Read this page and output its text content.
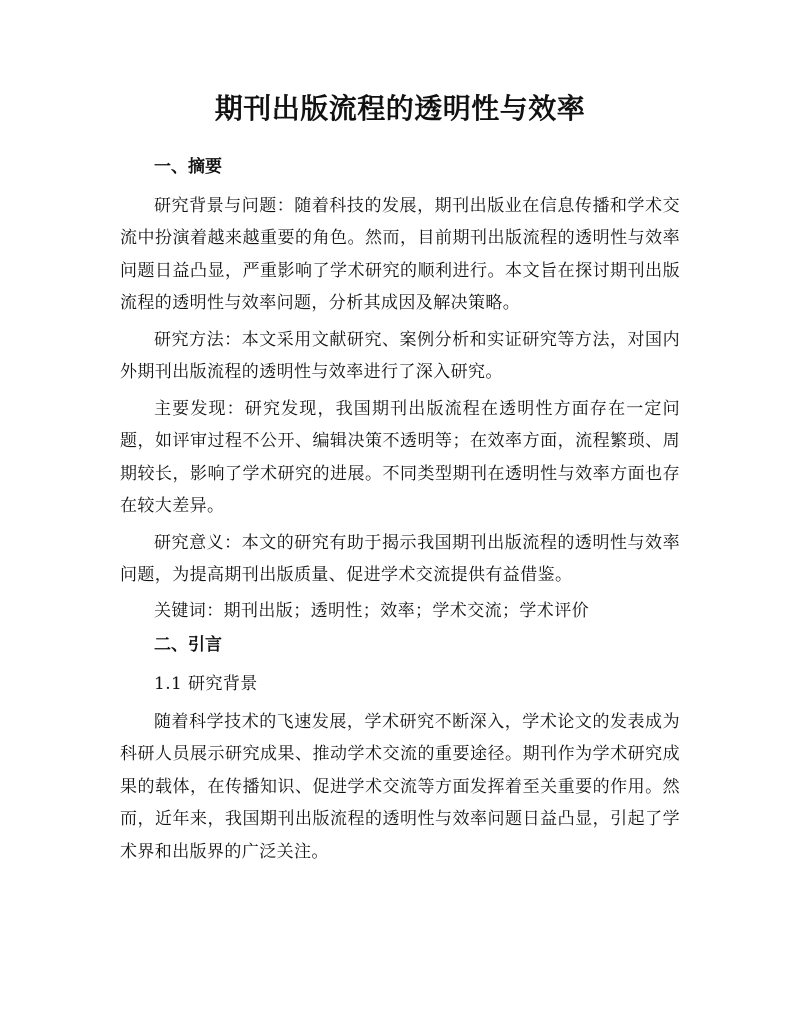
期刊出版流程的透明性与效率
一、摘要

研究背景与问题：随着科技的发展，期刊出版业在信息传播和学术交流中扮演着越来越重要的角色。然而，目前期刊出版流程的透明性与效率问题日益凸显，严重影响了学术研究的顺利进行。本文旨在探讨期刊出版流程的透明性与效率问题，分析其成因及解决策略。

研究方法：本文采用文献研究、案例分析和实证研究等方法，对国内外期刊出版流程的透明性与效率进行了深入研究。

主要发现：研究发现，我国期刊出版流程在透明性方面存在一定问题，如评审过程不公开、编辑决策不透明等；在效率方面，流程繁琐、周期较长，影响了学术研究的进展。不同类型期刊在透明性与效率方面也存在较大差异。

研究意义：本文的研究有助于揭示我国期刊出版流程的透明性与效率问题，为提高期刊出版质量、促进学术交流提供有益借鉴。

关键词：期刊出版；透明性；效率；学术交流；学术评价
二、引言
1.1 研究背景

随着科学技术的飞速发展，学术研究不断深入，学术论文的发表成为科研人员展示研究成果、推动学术交流的重要途径。期刊作为学术研究成果的载体，在传播知识、促进学术交流等方面发挥着至关重要的作用。然而，近年来，我国期刊出版流程的透明性与效率问题日益凸显，引起了学术界和出版界的广泛关注。
